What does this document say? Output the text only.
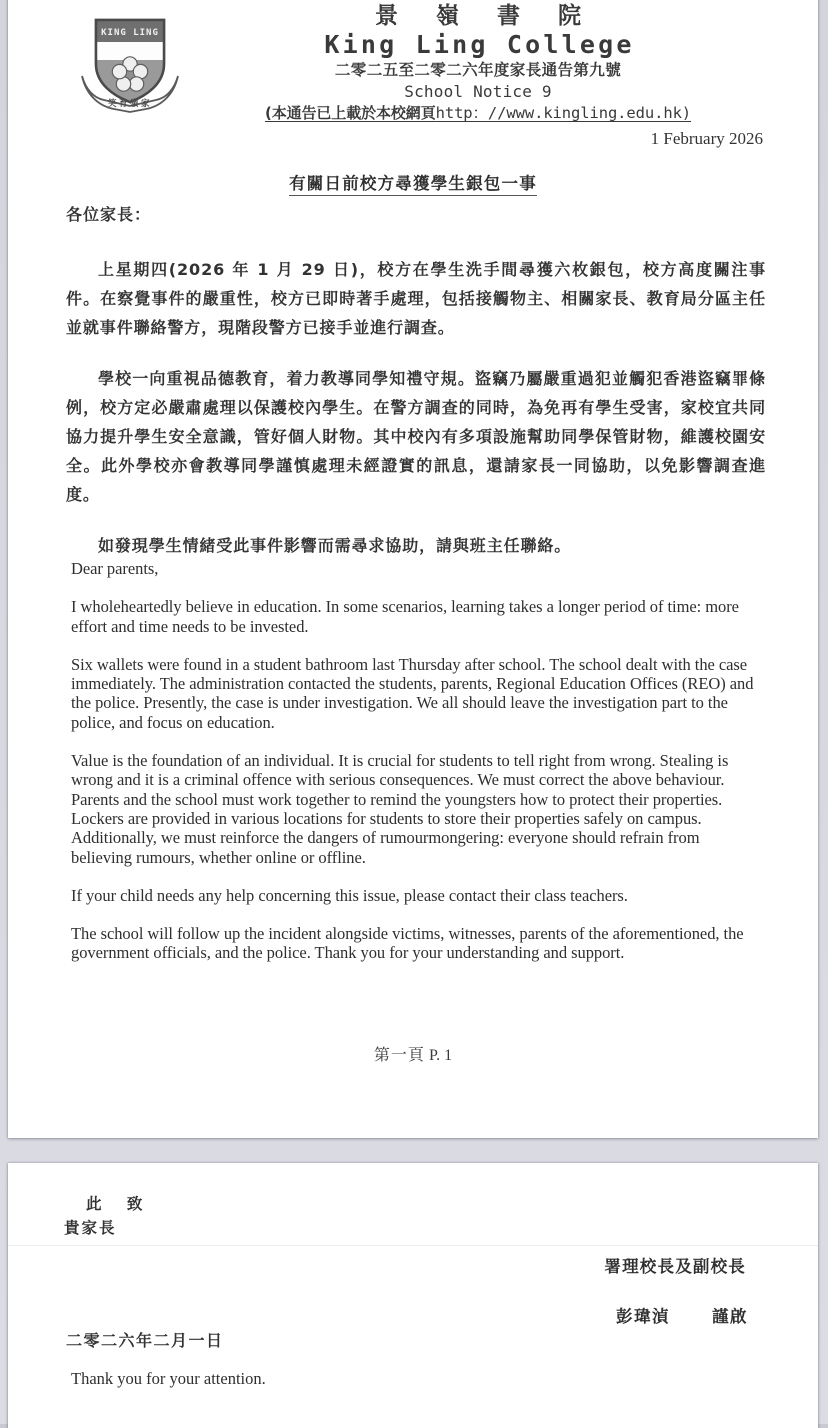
KING LING
笑育嶺家
景 嶺 書 院
King Ling College
二零二五至二零二六年度家長通告第九號
School Notice 9
(本通告已上載於本校網頁http：//www.kingling.edu.hk)
1 February 2026
有關日前校方尋獲學生銀包一事
各位家長：

上星期四(2026 年 1 月 29 日)，校方在學生洗手間尋獲六枚銀包，校方高度關注事件。在察覺事件的嚴重性，校方已即時著手處理，包括接觸物主、相關家長、教育局分區主任並就事件聯絡警方，現階段警方已接手並進行調查。

學校一向重視品德教育，着力教導同學知禮守規。盜竊乃屬嚴重過犯並觸犯香港盜竊罪條例，校方定必嚴肅處理以保護校內學生。在警方調查的同時，為免再有學生受害，家校宜共同協力提升學生安全意識，管好個人財物。其中校內有多項設施幫助同學保管財物，維護校園安全。此外學校亦會教導同學謹慎處理未經證實的訊息，還請家長一同協助，以免影響調查進度。

如發現學生情緒受此事件影響而需尋求協助，請與班主任聯絡。

Dear parents,

I wholeheartedly believe in education. In some scenarios, learning takes a longer period of time: more effort and time needs to be invested.

Six wallets were found in a student bathroom last Thursday after school. The school dealt with the case immediately. The administration contacted the students, parents, Regional Education Offices (REO) and the police. Presently, the case is under investigation. We all should leave the investigation part to the police, and focus on education.

Value is the foundation of an individual. It is crucial for students to tell right from wrong. Stealing is wrong and it is a criminal offence with serious consequences. We must correct the above behaviour. Parents and the school must work together to remind the youngsters how to protect their properties. Lockers are provided in various locations for students to store their properties safely on campus. Additionally, we must reinforce the dangers of rumourmongering: everyone should refrain from believing rumours, whether online or offline.

If your child needs any help concerning this issue, please contact their class teachers.

The school will follow up the incident alongside victims, witnesses, parents of the aforementioned, the government officials, and the police. Thank you for your understanding and support.

第一頁 P. 1
此 致
貴家長
署理校長及副校長
彭瑋湞	謹啟
二零二六年二月一日
Thank you for your attention.
